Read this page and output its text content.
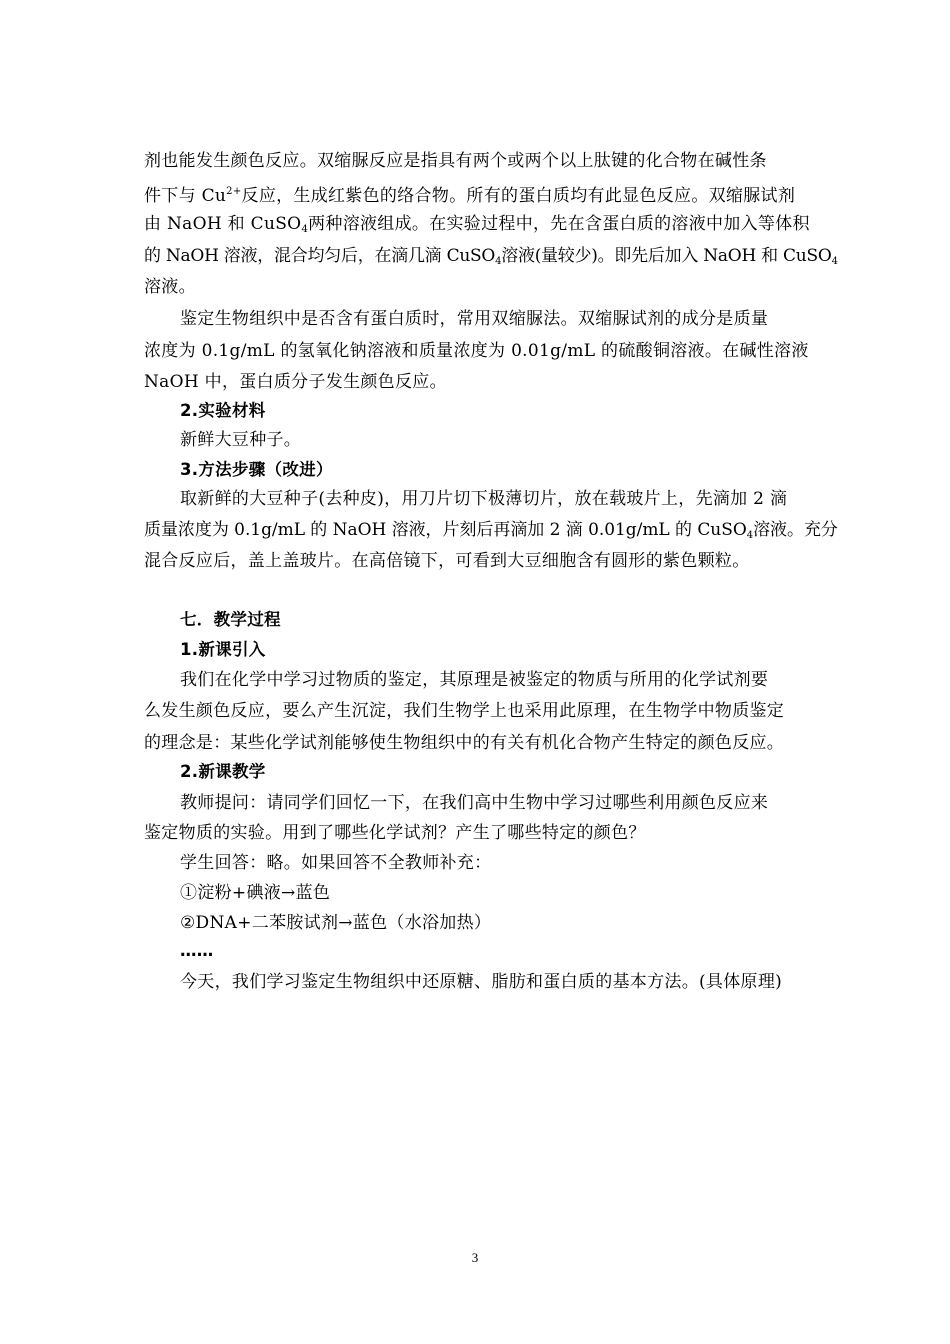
剂也能发生颜色反应。双缩脲反应是指具有两个或两个以上肽键的化合物在碱性条
件下与 $Cu^{2+}$反应，生成红紫色的络合物。所有的蛋白质均有此显色反应。双缩脲试剂
由 NaOH 和 CuSO$_4$两种溶液组成。在实验过程中，先在含蛋白质的溶液中加入等体积
的 NaOH 溶液，混合均匀后，在滴几滴 CuSO$_4$溶液(量较少)。即先后加入 NaOH 和 CuSO$_4$
溶液。
鉴定生物组织中是否含有蛋白质时，常用双缩脲法。双缩脲试剂的成分是质量
浓度为 0.1g/mL 的氢氧化钠溶液和质量浓度为 0.01g/mL 的硫酸铜溶液。在碱性溶液
NaOH 中，蛋白质分子发生颜色反应。
2.实验材料
新鲜大豆种子。
3.方法步骤（改进）
取新鲜的大豆种子(去种皮)，用刀片切下极薄切片，放在载玻片上，先滴加 2 滴
质量浓度为 0.1g/mL 的 NaOH 溶液，片刻后再滴加 2 滴 0.01g/mL 的 CuSO$_4$溶液。充分
混合反应后，盖上盖玻片。在高倍镜下，可看到大豆细胞含有圆形的紫色颗粒。
七．教学过程
1.新课引入
我们在化学中学习过物质的鉴定，其原理是被鉴定的物质与所用的化学试剂要
么发生颜色反应，要么产生沉淀，我们生物学上也采用此原理，在生物学中物质鉴定
的理念是：某些化学试剂能够使生物组织中的有关有机化合物产生特定的颜色反应。
2.新课教学
教师提问：请同学们回忆一下，在我们高中生物中学习过哪些利用颜色反应来
鉴定物质的实验。用到了哪些化学试剂？产生了哪些特定的颜色？
学生回答：略。如果回答不全教师补充：
①淀粉+碘液→蓝色
②DNA+二苯胺试剂→蓝色（水浴加热）
……
今天，我们学习鉴定生物组织中还原糖、脂肪和蛋白质的基本方法。(具体原理)
3
